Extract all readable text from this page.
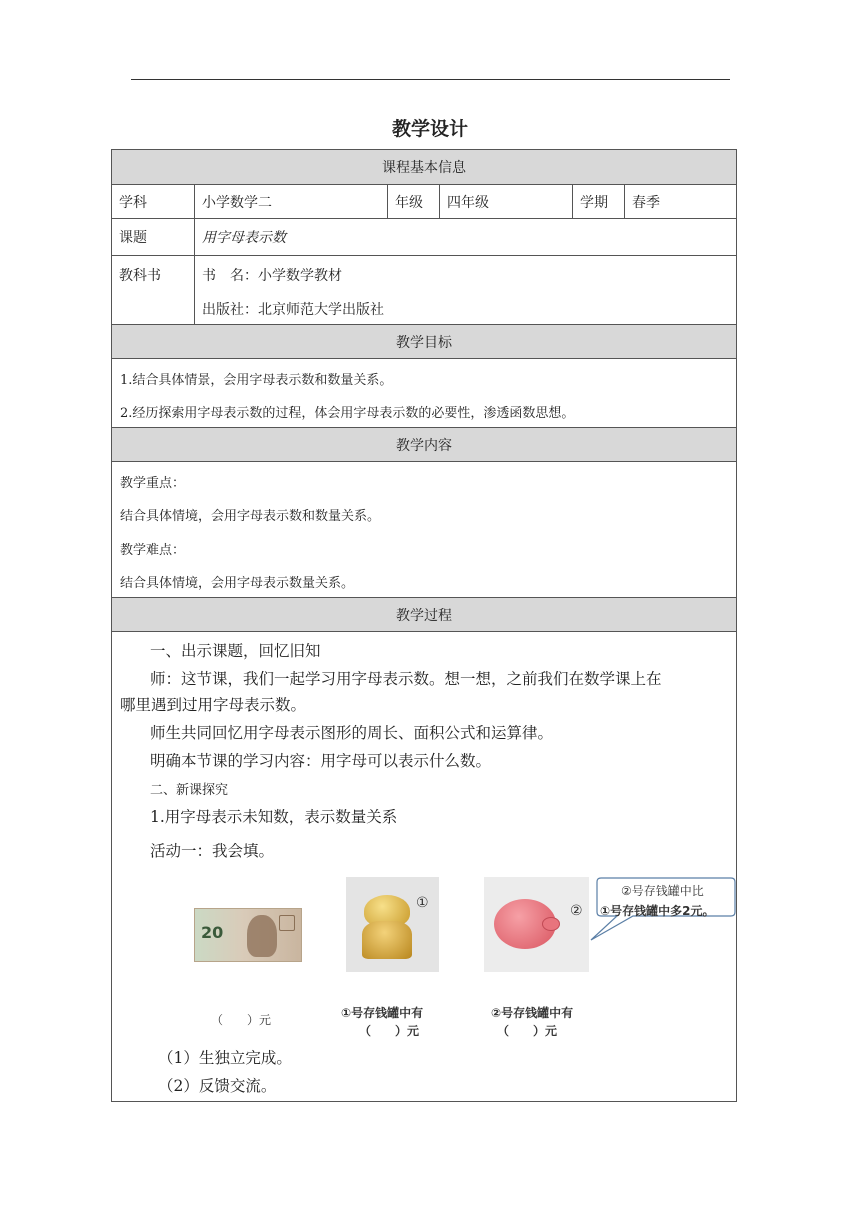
教学设计
课程基本信息
学科	小学数学二	年级	四年级	学期	春季
课题	用字母表示数
教科书	书　名：小学数学教材
出版社：北京师范大学出版社
教学目标
1.结合具体情景，会用字母表示数和数量关系。
2.经历探索用字母表示数的过程，体会用字母表示数的必要性，渗透函数思想。
教学内容
教学重点：
结合具体情境，会用字母表示数和数量关系。
教学难点：
结合具体情境，会用字母表示数量关系。
教学过程

一、出示课题，回忆旧知

师：这节课，我们一起学习用字母表示数。想一想，之前我们在数学课上在

哪里遇到过用字母表示数。

师生共同回忆用字母表示图形的周长、面积公式和运算律。

明确本节课的学习内容：用字母可以表示什么数。

二、新课探究

1.用字母表示未知数，表示数量关系

活动一：我会填。

20
（　　）元
①
①号存钱罐中有
（　　）元
②
②号存钱罐中有
（　　）元
②号存钱罐中比
①号存钱罐中多2元。

（1）生独立完成。

（2）反馈交流。
